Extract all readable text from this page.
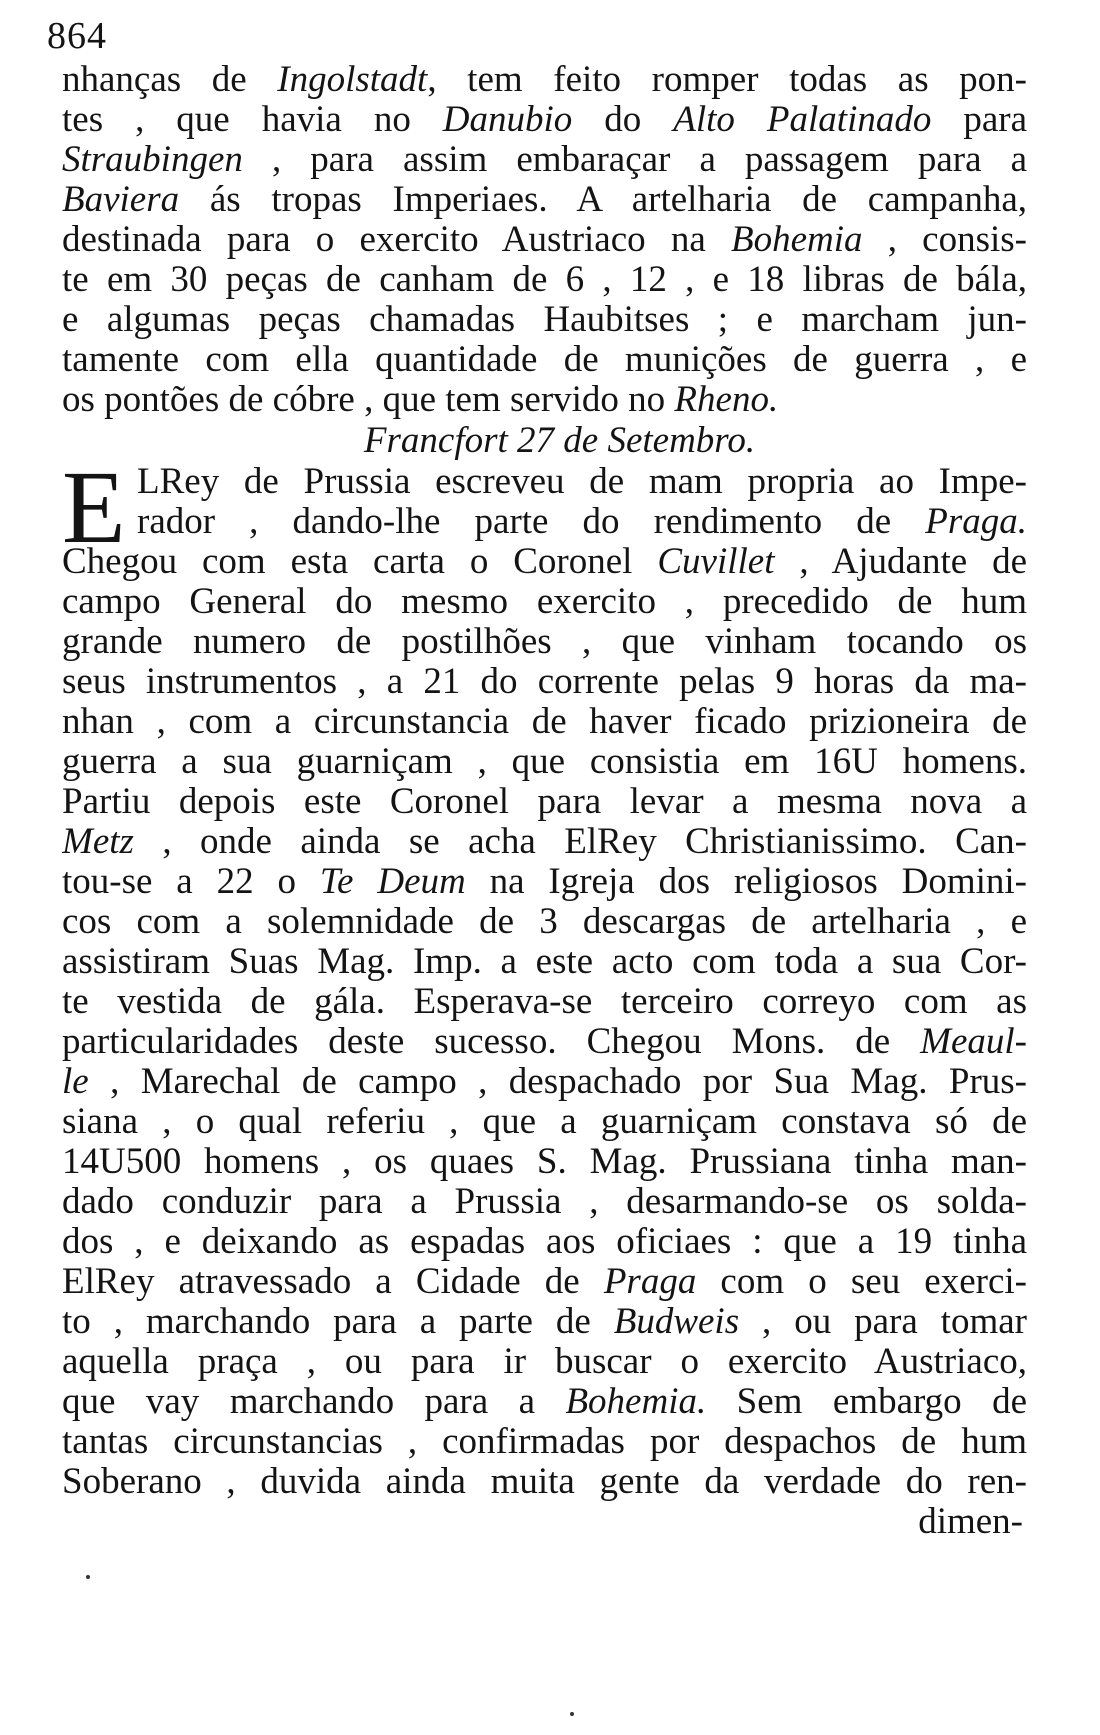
864
nhanças de Ingolstadt, tem feito romper todas as pon-
tes , que havia no Danubio do Alto Palatinado para
Straubingen , para assim embaraçar a passagem para a
Baviera ás tropas Imperiaes. A artelharia de campanha,
destinada para o exercito Austriaco na Bohemia , consis-
te em 30 peças de canham de 6 , 12 , e 18 libras de bála,
e algumas peças chamadas Haubitses ; e marcham jun-
tamente com ella quantidade de munições de guerra , e
os pontões de cóbre , que tem servido no Rheno.
Francfort 27 de Setembro.
E LRey de Prussia escreveu de mam propria ao Impe-
rador , dando-lhe parte do rendimento de Praga.
Chegou com esta carta o Coronel Cuvillet , Ajudante de
campo General do mesmo exercito , precedido de hum
grande numero de postilhões , que vinham tocando os
seus instrumentos , a 21 do corrente pelas 9 horas da ma-
nhan , com a circunstancia de haver ficado prizioneira de
guerra a sua guarniçam , que consistia em 16U homens.
Partiu depois este Coronel para levar a mesma nova a
Metz , onde ainda se acha ElRey Christianissimo. Can-
tou-se a 22 o Te Deum na Igreja dos religiosos Domini-
cos com a solemnidade de 3 descargas de artelharia , e
assistiram Suas Mag. Imp. a este acto com toda a sua Cor-
te vestida de gála. Esperava-se terceiro correyo com as
particularidades deste sucesso. Chegou Mons. de Meaul-
le , Marechal de campo , despachado por Sua Mag. Prus-
siana , o qual referiu , que a guarniçam constava só de
14U500 homens , os quaes S. Mag. Prussiana tinha man-
dado conduzir para a Prussia , desarmando-se os solda-
dos , e deixando as espadas aos oficiaes : que a 19 tinha
ElRey atravessado a Cidade de Praga com o seu exerci-
to , marchando para a parte de Budweis , ou para tomar
aquella praça , ou para ir buscar o exercito Austriaco,
que vay marchando para a Bohemia. Sem embargo de
tantas circunstancias , confirmadas por despachos de hum
Soberano , duvida ainda muita gente da verdade do ren-
dimen-
